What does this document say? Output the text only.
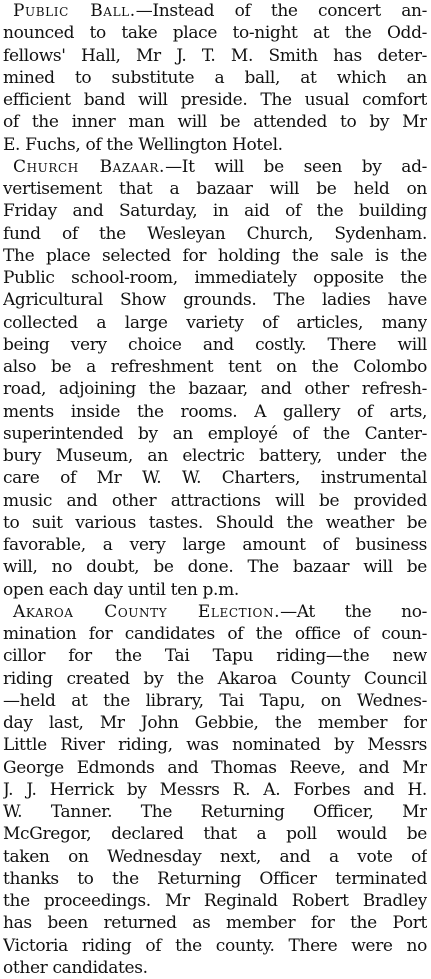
Public Ball.—Instead of the concert an-
nounced to take place to-night at the Odd-
fellows' Hall, Mr J. T. M. Smith has deter-
mined to substitute a ball, at which an
efficient band will preside. The usual comfort
of the inner man will be attended to by Mr
E. Fuchs, of the Wellington Hotel.
Church Bazaar.—It will be seen by ad-
vertisement that a bazaar will be held on
Friday and Saturday, in aid of the building
fund of the Wesleyan Church, Sydenham.
The place selected for holding the sale is the
Public school-room, immediately opposite the
Agricultural Show grounds. The ladies have
collected a large variety of articles, many
being very choice and costly. There will
also be a refreshment tent on the Colombo
road, adjoining the bazaar, and other refresh-
ments inside the rooms. A gallery of arts,
superintended by an employé of the Canter-
bury Museum, an electric battery, under the
care of Mr W. W. Charters, instrumental
music and other attractions will be provided
to suit various tastes. Should the weather be
favorable, a very large amount of business
will, no doubt, be done. The bazaar will be
open each day until ten p.m.
Akaroa County Election.—At the no-
mination for candidates of the office of coun-
cillor for the Tai Tapu riding—the new
riding created by the Akaroa County Council
—held at the library, Tai Tapu, on Wednes-
day last, Mr John Gebbie, the member for
Little River riding, was nominated by Messrs
George Edmonds and Thomas Reeve, and Mr
J. J. Herrick by Messrs R. A. Forbes and H.
W. Tanner. The Returning Officer, Mr
McGregor, declared that a poll would be
taken on Wednesday next, and a vote of
thanks to the Returning Officer terminated
the proceedings. Mr Reginald Robert Bradley
has been returned as member for the Port
Victoria riding of the county. There were no
other candidates.
